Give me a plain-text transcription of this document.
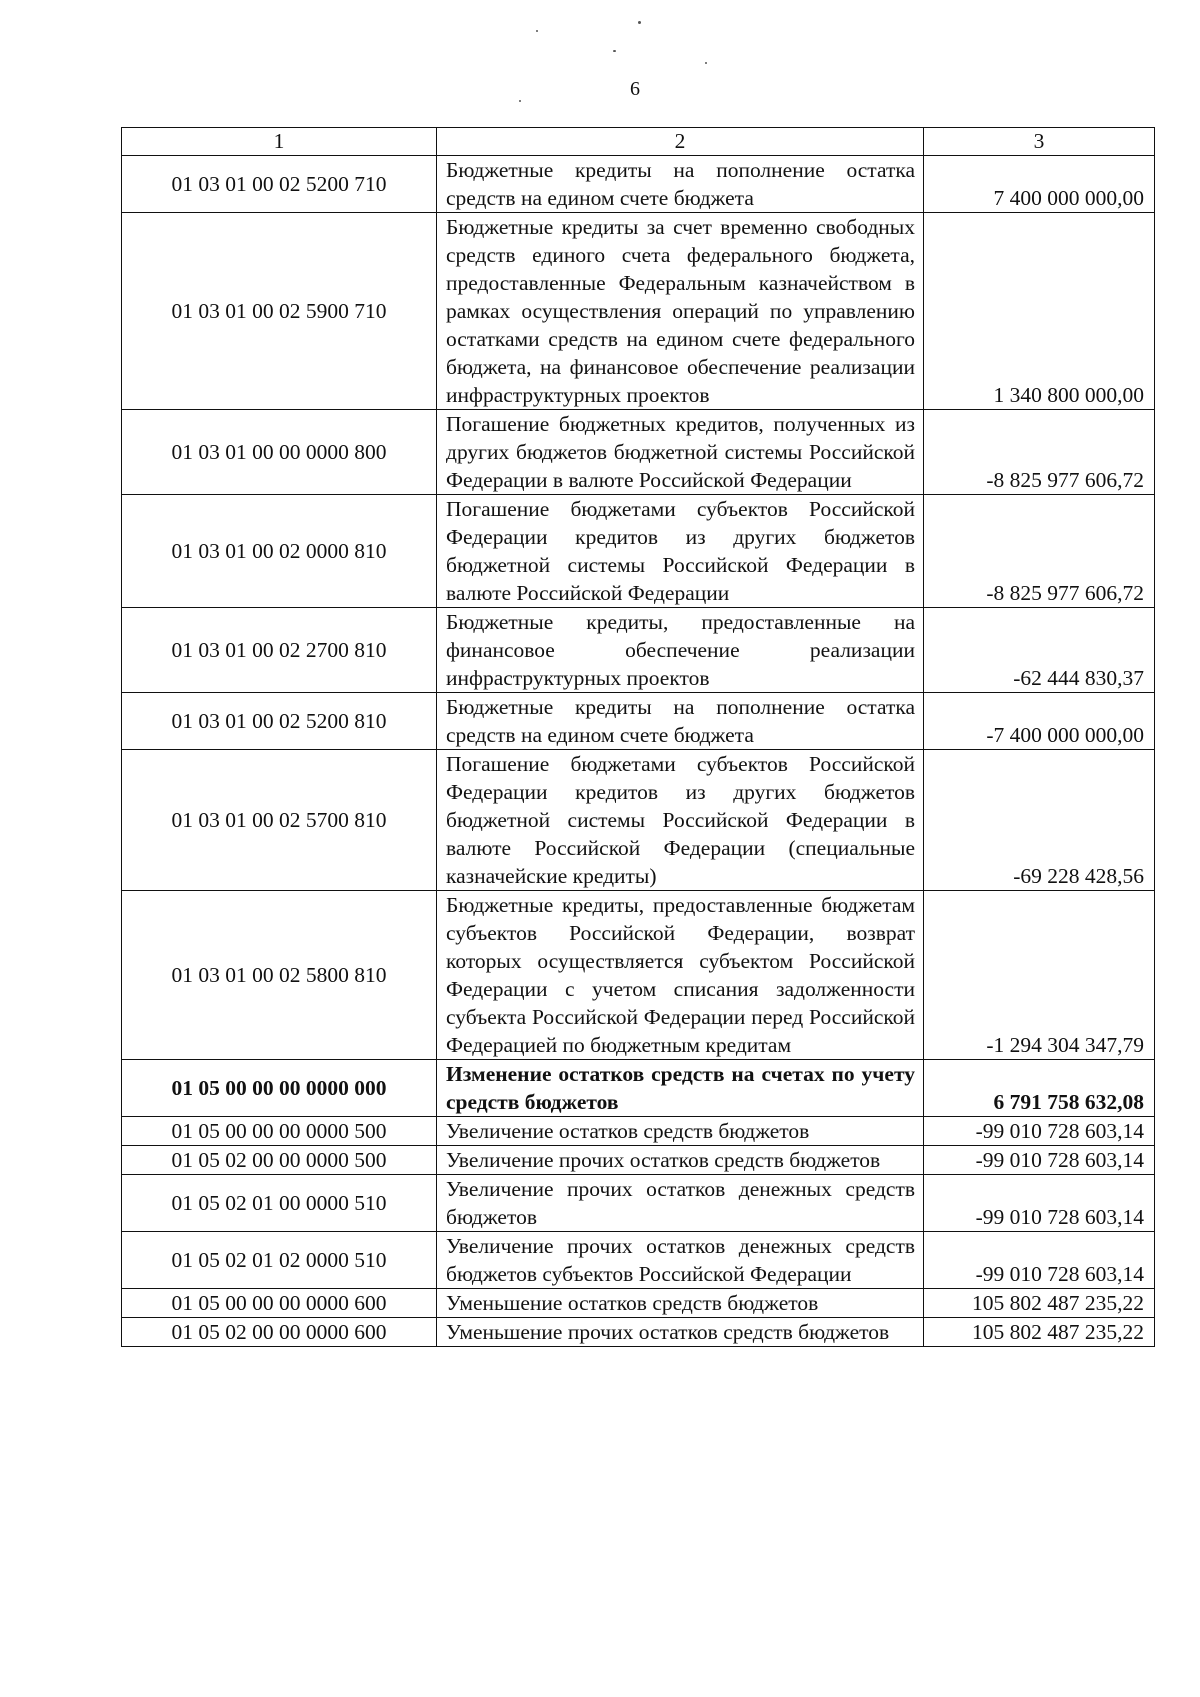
6
1	2	3
01 03 01 00 02 5200 710	Бюджетные кредиты на пополнение остатка средств на едином счете бюджета	7 400 000 000,00
01 03 01 00 02 5900 710	Бюджетные кредиты за счет временно свободных средств единого счета федерального бюджета, предоставленные Федеральным казначейством в рамках осуществления операций по управлению остатками средств на едином счете федерального бюджета, на финансовое обеспечение реализации инфраструктурных проектов	1 340 800 000,00
01 03 01 00 00 0000 800	Погашение бюджетных кредитов, полученных из других бюджетов бюджетной системы Российской Федерации в валюте Российской Федерации	-8 825 977 606,72
01 03 01 00 02 0000 810	Погашение бюджетами субъектов Российской Федерации кредитов из других бюджетов бюджетной системы Российской Федерации в валюте Российской Федерации	-8 825 977 606,72
01 03 01 00 02 2700 810	Бюджетные кредиты, предоставленные на финансовое обеспечение реализации инфраструктурных проектов	-62 444 830,37
01 03 01 00 02 5200 810	Бюджетные кредиты на пополнение остатка средств на едином счете бюджета	-7 400 000 000,00
01 03 01 00 02 5700 810	Погашение бюджетами субъектов Российской Федерации кредитов из других бюджетов бюджетной системы Российской Федерации в валюте Российской Федерации (специальные казначейские кредиты)	-69 228 428,56
01 03 01 00 02 5800 810	Бюджетные кредиты, предоставленные бюджетам субъектов Российской Федерации, возврат которых осуществляется субъектом Российской Федерации с учетом списания задолженности субъекта Российской Федерации перед Российской Федерацией по бюджетным кредитам	-1 294 304 347,79
01 05 00 00 00 0000 000	Изменение остатков средств на счетах по учету средств бюджетов	6 791 758 632,08
01 05 00 00 00 0000 500	Увеличение остатков средств бюджетов	-99 010 728 603,14
01 05 02 00 00 0000 500	Увеличение прочих остатков средств бюджетов	-99 010 728 603,14
01 05 02 01 00 0000 510	Увеличение прочих остатков денежных средств бюджетов	-99 010 728 603,14
01 05 02 01 02 0000 510	Увеличение прочих остатков денежных средств бюджетов субъектов Российской Федерации	-99 010 728 603,14
01 05 00 00 00 0000 600	Уменьшение остатков средств бюджетов	105 802 487 235,22
01 05 02 00 00 0000 600	Уменьшение прочих остатков средств бюджетов	105 802 487 235,22
